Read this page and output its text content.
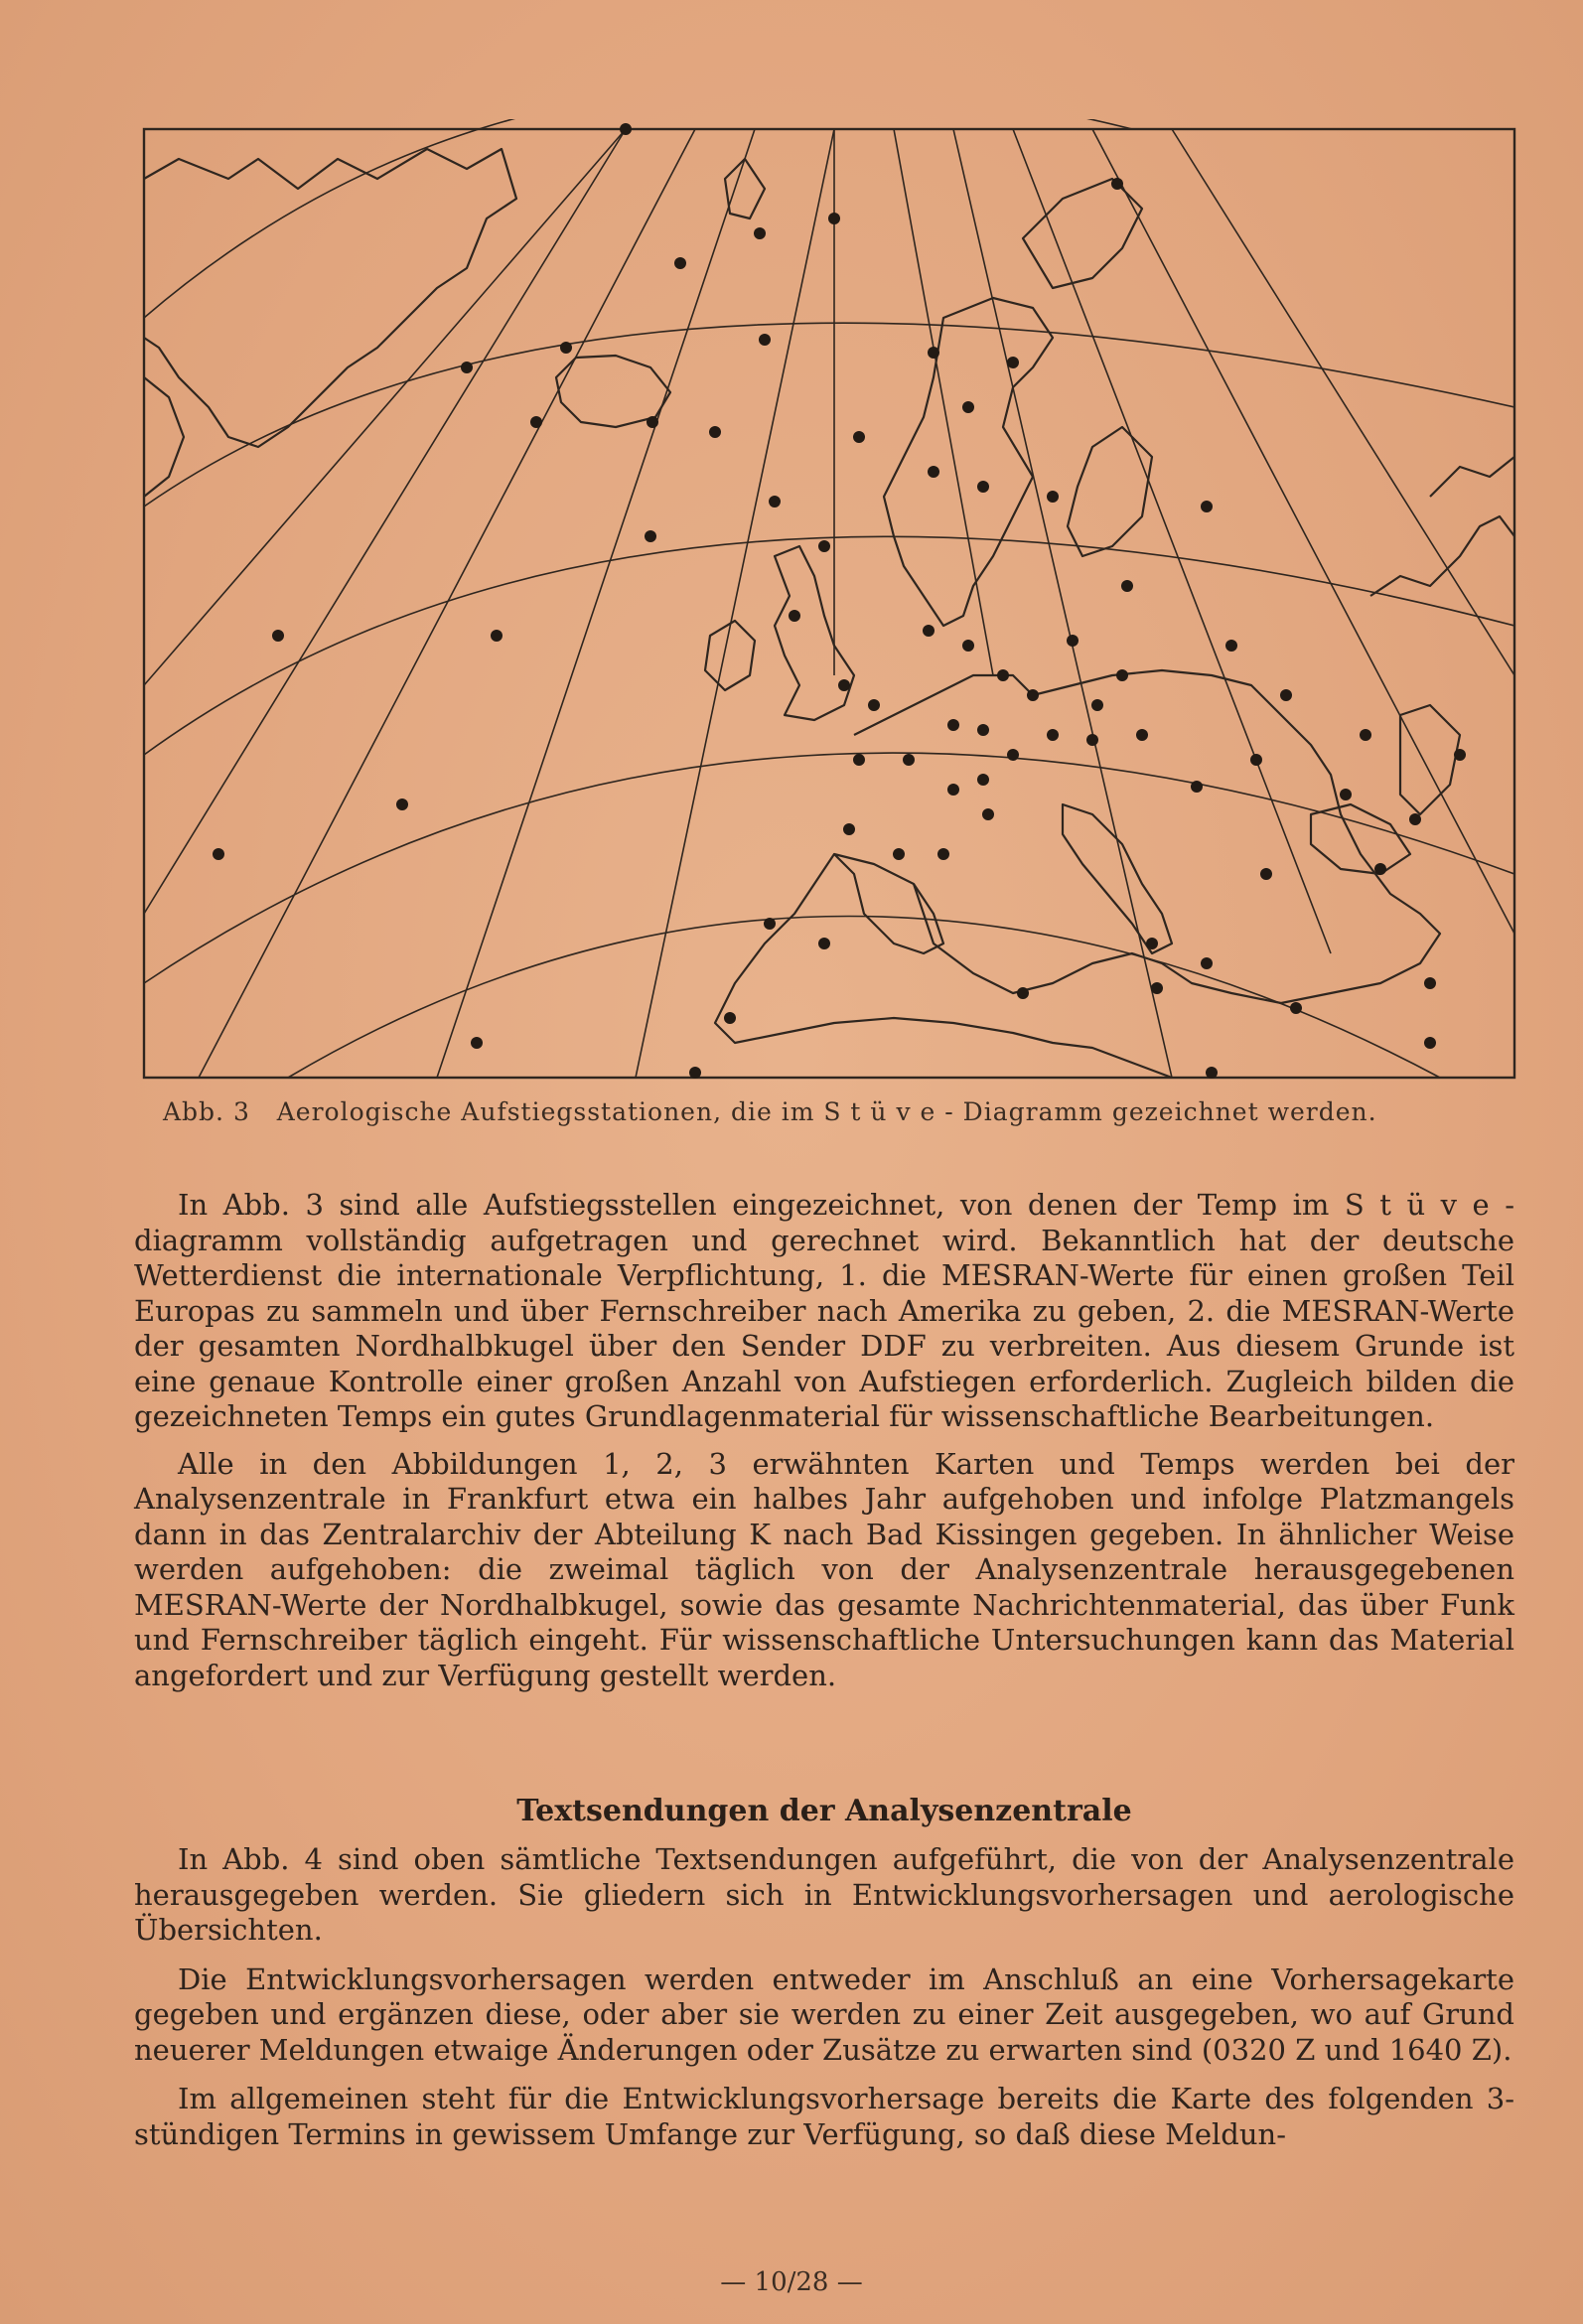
Abb. 3 Aerologische Aufstiegsstationen, die im S t ü v e - Diagramm gezeichnet werden.

In Abb. 3 sind alle Aufstiegsstellen eingezeichnet, von denen der Temp im S t ü v e - diagramm vollständig aufgetragen und gerechnet wird. Bekanntlich hat der deutsche Wetterdienst die internationale Verpflichtung, 1. die MESRAN-Werte für einen großen Teil Europas zu sammeln und über Fernschreiber nach Amerika zu geben, 2. die MESRAN-Werte der gesamten Nordhalbkugel über den Sender DDF zu verbreiten. Aus diesem Grunde ist eine genaue Kontrolle einer großen Anzahl von Aufstiegen erforderlich. Zugleich bilden die gezeichneten Temps ein gutes Grundlagenmaterial für wissenschaftliche Bearbeitungen.

Alle in den Abbildungen 1, 2, 3 erwähnten Karten und Temps werden bei der Analysenzentrale in Frankfurt etwa ein halbes Jahr aufgehoben und infolge Platzmangels dann in das Zentralarchiv der Abteilung K nach Bad Kissingen gegeben. In ähnlicher Weise werden aufgehoben: die zweimal täglich von der Analysenzentrale herausgegebenen MESRAN-Werte der Nordhalbkugel, sowie das gesamte Nachrichtenmaterial, das über Funk und Fernschreiber täglich eingeht. Für wissenschaftliche Untersuchungen kann das Material angefordert und zur Verfügung gestellt werden.

Textsendungen der Analysenzentrale

In Abb. 4 sind oben sämtliche Textsendungen aufgeführt, die von der Analysenzentrale herausgegeben werden. Sie gliedern sich in Entwicklungsvorhersagen und aerologische Übersichten.

Die Entwicklungsvorhersagen werden entweder im Anschluß an eine Vorhersagekarte gegeben und ergänzen diese, oder aber sie werden zu einer Zeit ausgegeben, wo auf Grund neuerer Meldungen etwaige Änderungen oder Zusätze zu erwarten sind (0320 Z und 1640 Z).

Im allgemeinen steht für die Entwicklungsvorhersage bereits die Karte des folgenden 3-stündigen Termins in gewissem Umfange zur Verfügung, so daß diese Meldun-

— 10/28 —
